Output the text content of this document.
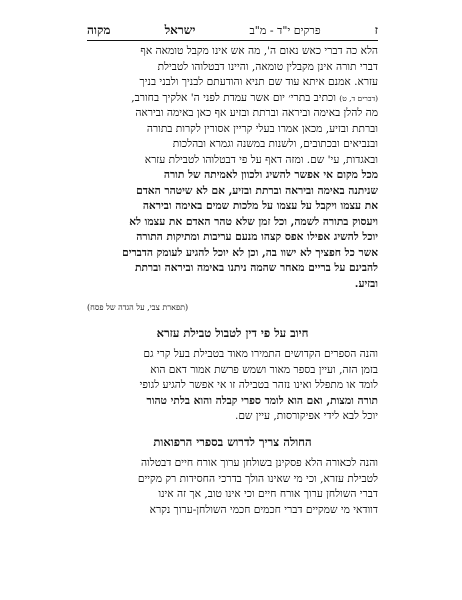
ז
פרקים י"ד - מ"ב
ישראל
מקוה
הלא כה דברי כאש נאום ה', מה אש אינו מקבל טומאה אף
דברי תורה אינן מקבלין טומאה, והיינו דבטלוהו לטבילת
עזרא. אמנם איתא עוד שם תניא והודעתם לבניך ולבני בניך
(דברים ד, ט) וכתיב בתרי׳ יום אשר עמדת לפני ה' אלקיך בחורב,
מה להלן באימה וביראה וברתת ובזיע אף כאן באימה וביראה
וברתת ובזיע, מכאן אמרו בעלי קריין אסורין לקרות בתורה
ובנביאים ובכתובים, ולשנות במשנה וגמרא ובהלכות
ובאגדות, עי' שם. ומזה דאף על פי דבטלוהו לטבילת עזרא
מכל מקום אי אפשר להשיג ולכוון לאמיתה של תורה
שניתנה באימה וביראה וברתת ובזיע, אם לא שיטהר האדם
את עצמו ויקבל על עצמו על מלכות שמים באימה וביראה
ויעסוק בתורה לשמה, וכל זמן שלא טהר האדם את עצמו לא
יוכל להשיג אפילו אפס קצהו מנעם עריבות ומתיקות התורה
אשר כל חפציך לא ישוו בה, וכן לא יוכל להגיע לעומק הדברים
להבינם על בריים מאחר שהמה ניתנו באימה וביראה וברתת
ובזיע.
(תפארת צבי, על הגדה של פסח)
חיוב על פי דין לטבול טבילת עזרא
והנה הספרים הקדושים התמירו מאוד בטבילת בעל קרי גם
בזמן הזה, ועיין בספר מאור ושמש פרשת אמור דאם הוא
לומד או מתפלל ואינו נזהר בטבילה זו אי אפשר להגיע לגופי
תורה ומצות, ואם הוא לומד ספרי קבלה והוא בלתי טהור
יוכל לבא לידי אפיקורסות, עיין שם.
החולה צריך לדרוש בספרי הרפואות
והנה לכאורה הלא פסקינן בשולחן ערוך אורח חיים דבטלוה
לטבילת עזרא, וכי מי שאינו הולך בדרכי החסידות רק מקיים
דברי השולחן ערוך אורח חיים וכי אינו טוב, אך זה אינו
דוודאי מי שמקיים דברי חכמים חכמי השולחן-ערוך נקרא
